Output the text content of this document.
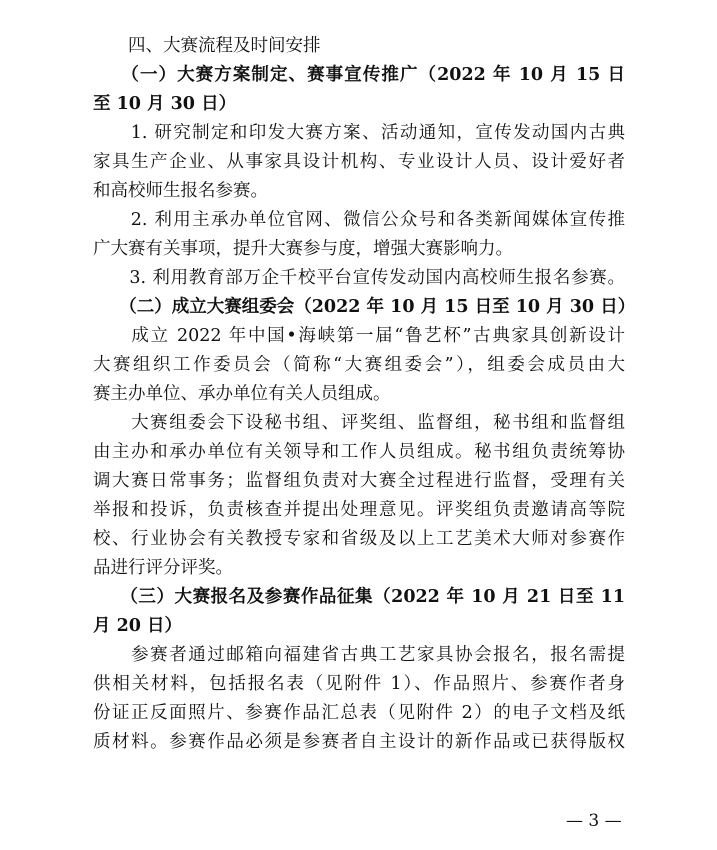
　　四、大赛流程及时间安排
　　（一）大赛方案制定、赛事宣传推广（2022 年 10 月 15 日
至 10 月 30 日）
　　1. 研究制定和印发大赛方案、活动通知，宣传发动国内古典
家具生产企业、从事家具设计机构、专业设计人员、设计爱好者
和高校师生报名参赛。
　　2. 利用主承办单位官网、微信公众号和各类新闻媒体宣传推
广大赛有关事项，提升大赛参与度，增强大赛影响力。
　　3. 利用教育部万企千校平台宣传发动国内高校师生报名参赛。
　　（二）成立大赛组委会（2022 年 10 月 15 日至 10 月 30 日）
　　成立 2022 年中国•海峡第一届“鲁艺杯”古典家具创新设计
大赛组织工作委员会（简称“大赛组委会”），组委会成员由大
赛主办单位、承办单位有关人员组成。
　　大赛组委会下设秘书组、评奖组、监督组，秘书组和监督组
由主办和承办单位有关领导和工作人员组成。秘书组负责统筹协
调大赛日常事务；监督组负责对大赛全过程进行监督，受理有关
举报和投诉，负责核查并提出处理意见。评奖组负责邀请高等院
校、行业协会有关教授专家和省级及以上工艺美术大师对参赛作
品进行评分评奖。
　　（三）大赛报名及参赛作品征集（2022 年 10 月 21 日至 11
月 20 日）
　　参赛者通过邮箱向福建省古典工艺家具协会报名，报名需提
供相关材料，包括报名表（见附件 1）、作品照片、参赛作者身
份证正反面照片、参赛作品汇总表（见附件 2）的电子文档及纸
质材料。参赛作品必须是参赛者自主设计的新作品或已获得版权
— 3 —
